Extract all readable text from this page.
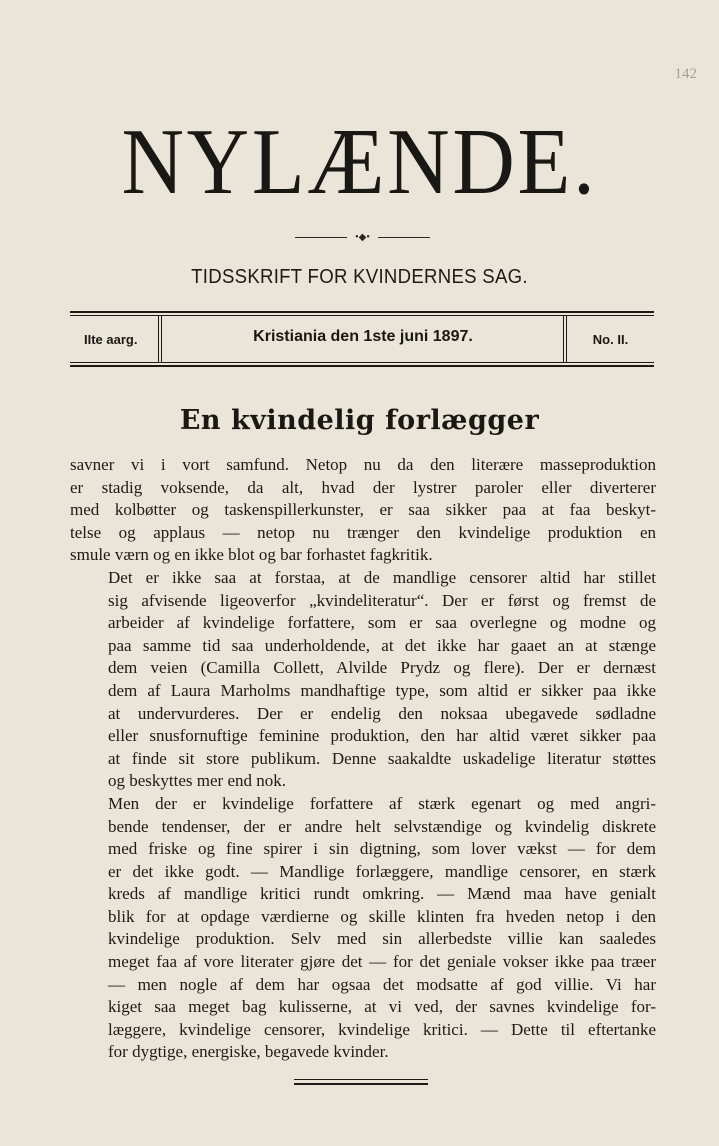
142
NYLÆNDE.
•◆•
TIDSSKRIFT FOR KVINDERNES SAG.
IIte aarg.	Kristiania den 1ste juni 1897.	No. II.
En kvindelig forlægger

savner vi i vort samfund. Netop nu da den literære masseproduktion
er stadig voksende, da alt, hvad der lystrer paroler eller diverterer
med kolbøtter og taskenspillerkunster, er saa sikker paa at faa beskyt-
telse og applaus — netop nu trænger den kvindelige produktion en
smule værn og en ikke blot og bar forhastet fagkritik.

Det er ikke saa at forstaa, at de mandlige censorer altid har stillet
sig afvisende ligeoverfor „kvindeliteratur“. Der er først og fremst de
arbeider af kvindelige forfattere, som er saa overlegne og modne og
paa samme tid saa underholdende, at det ikke har gaaet an at stænge
dem veien (Camilla Collett, Alvilde Prydz og flere). Der er dernæst
dem af Laura Marholms mandhaftige type, som altid er sikker paa ikke
at undervurderes. Der er endelig den noksaa ubegavede sødladne
eller snusfornuftige feminine produktion, den har altid været sikker paa
at finde sit store publikum. Denne saakaldte uskadelige literatur støttes
og beskyttes mer end nok.

Men der er kvindelige forfattere af stærk egenart og med angri-
bende tendenser, der er andre helt selvstændige og kvindelig diskrete
med friske og fine spirer i sin digtning, som lover vækst — for dem
er det ikke godt. — Mandlige forlæggere, mandlige censorer, en stærk
kreds af mandlige kritici rundt omkring. — Mænd maa have genialt
blik for at opdage værdierne og skille klinten fra hveden netop i den
kvindelige produktion. Selv med sin allerbedste villie kan saaledes
meget faa af vore literater gjøre det — for det geniale vokser ikke paa træer
— men nogle af dem har ogsaa det modsatte af god villie. Vi har
kiget saa meget bag kulisserne, at vi ved, der savnes kvindelige for-
læggere, kvindelige censorer, kvindelige kritici. — Dette til eftertanke
for dygtige, energiske, begavede kvinder.
